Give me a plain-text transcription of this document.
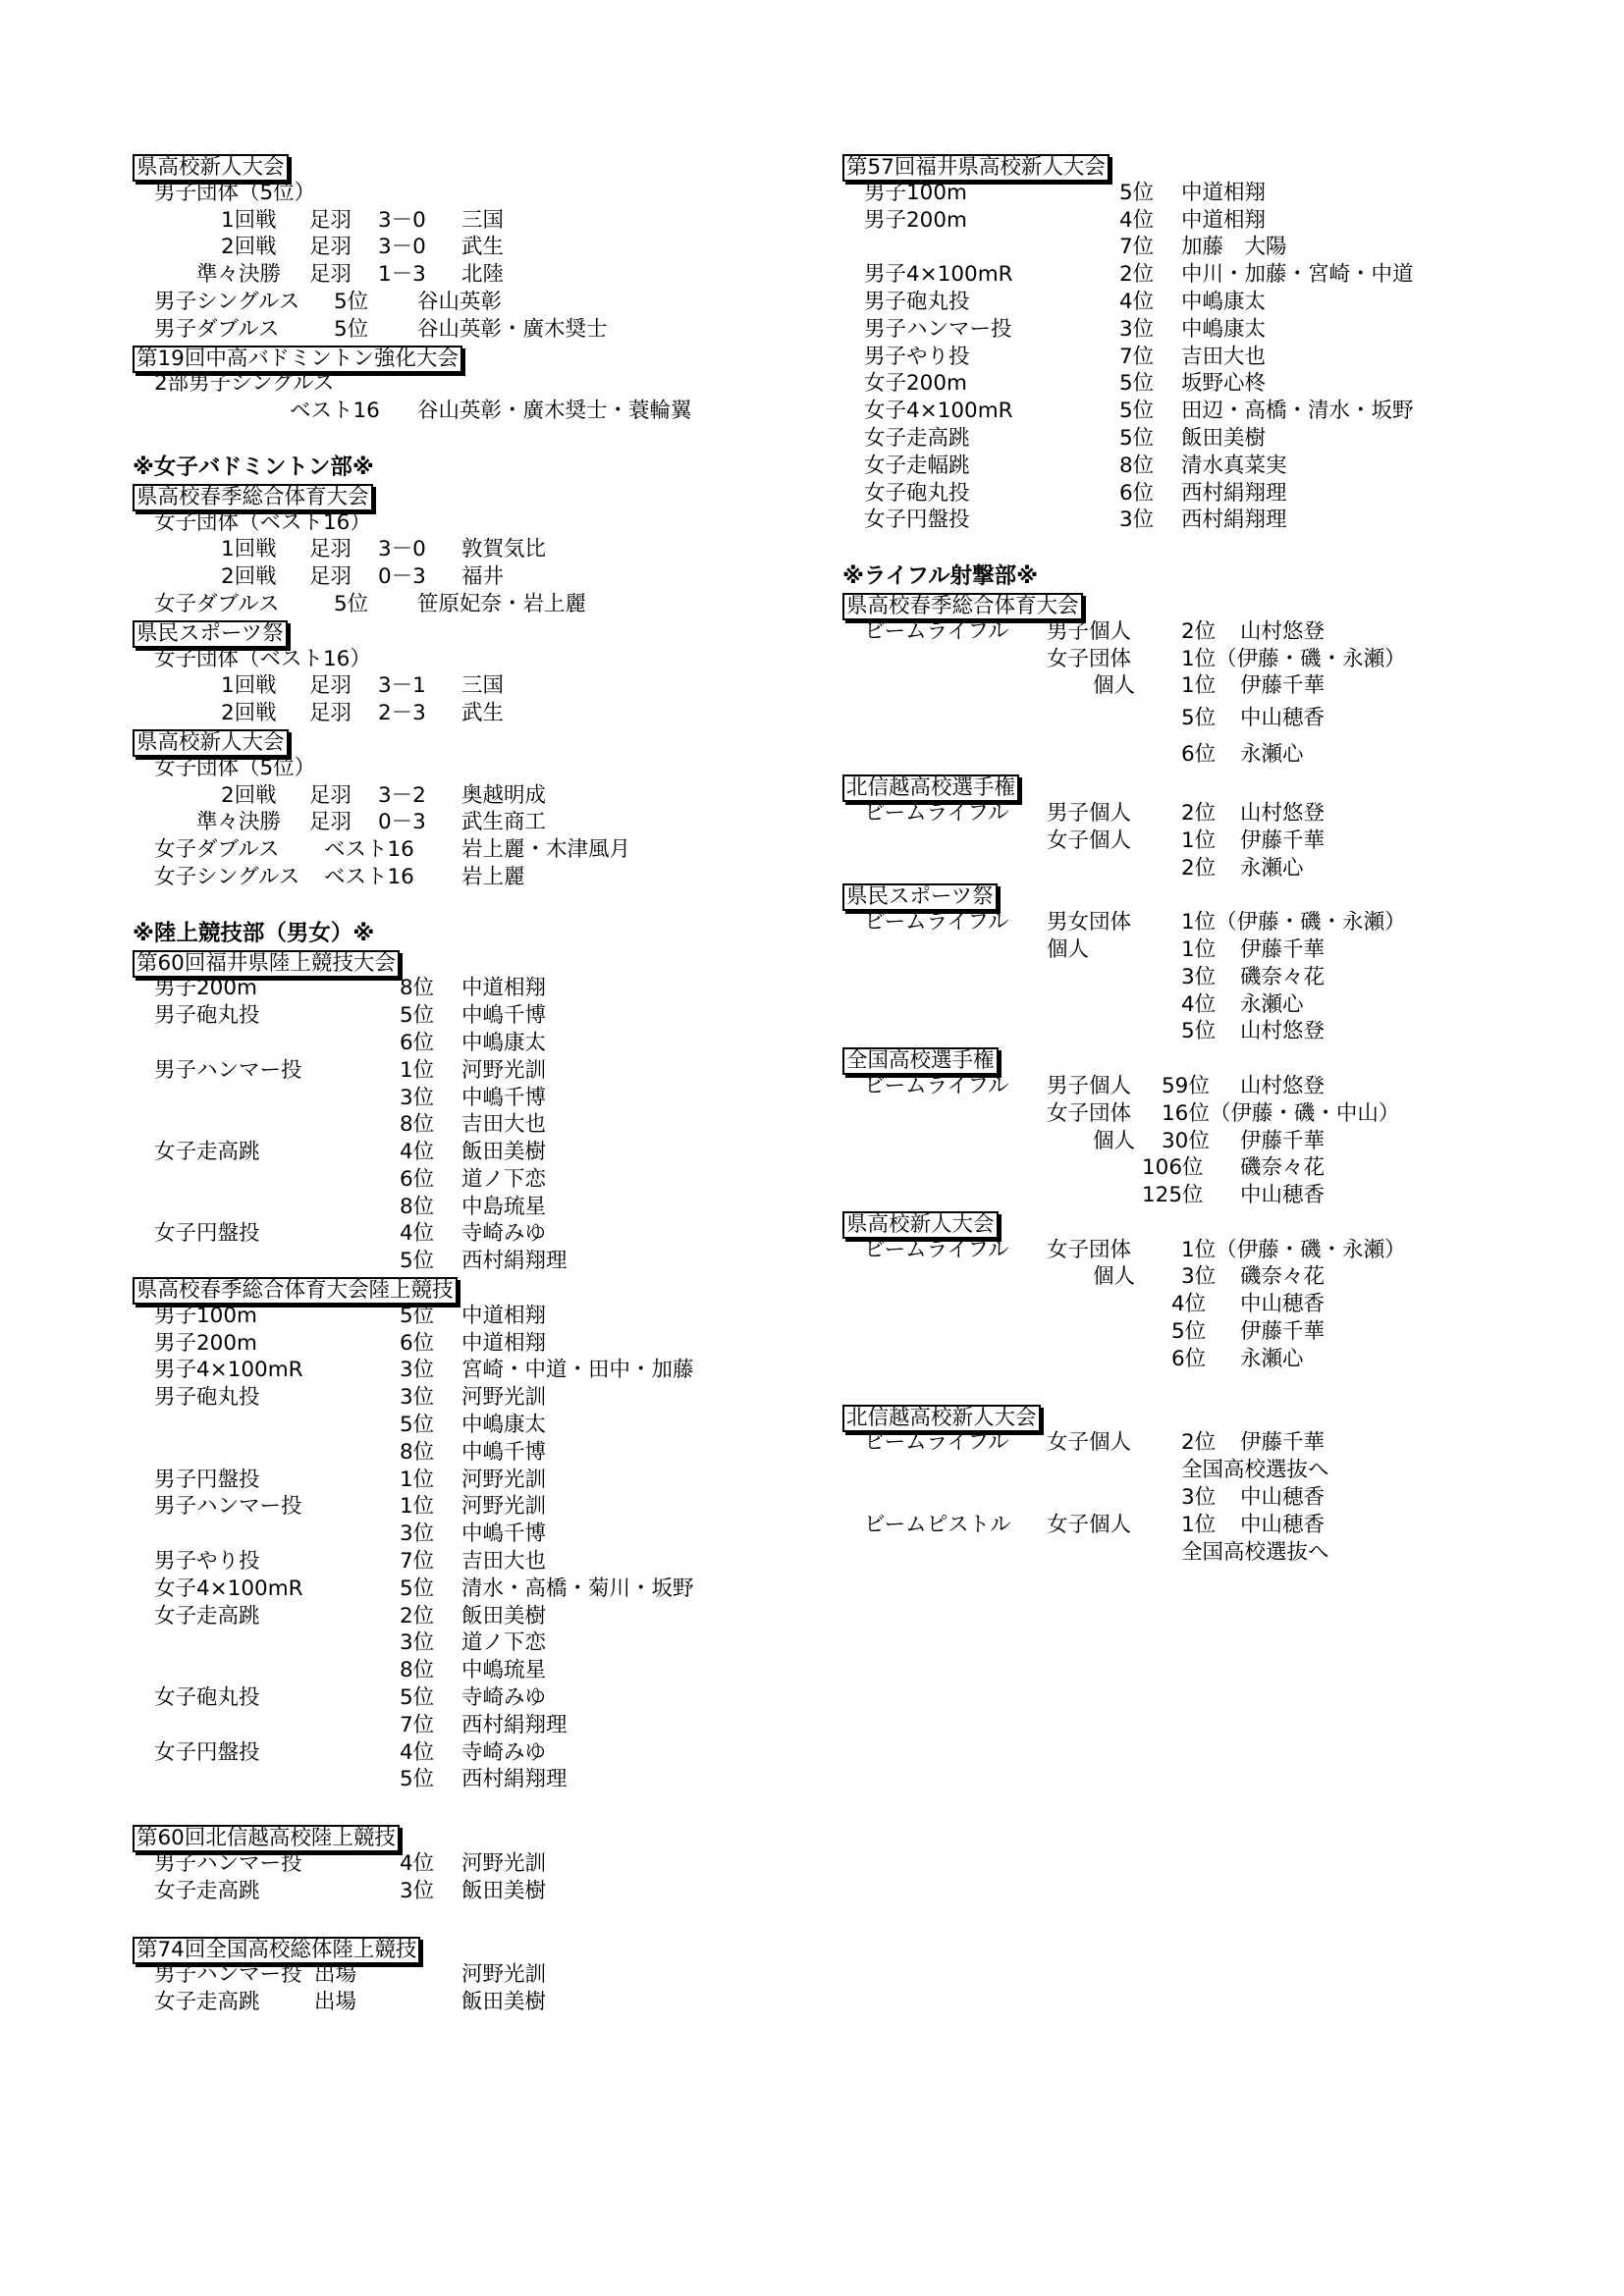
県高校新人大会
男子団体（5位）
1回戦 足羽 3－0 三国
2回戦 足羽 3－0 武生
準々決勝 足羽 1－3 北陸
男子シングルス 5位 谷山英彰
男子ダブルス	5位 谷山英彰・廣木奨士
第19回中高バドミントン強化大会
2部男子シングルス
ベスト16 谷山英彰・廣木奨士・蓑輪翼
※女子バドミントン部※
県高校春季総合体育大会
女子団体（ベスト16）
1回戦 足羽 3－0 敦賀気比
2回戦 足羽 0－3 福井
女子ダブルス	5位 笹原妃奈・岩上麗
県民スポーツ祭
女子団体（ベスト16）
1回戦 足羽 3－1 三国
2回戦 足羽 2－3 武生
県高校新人大会
女子団体（5位）
2回戦 足羽 3－2 奥越明成
準々決勝 足羽 0－3 武生商工
女子ダブルス ベスト16 岩上麗・木津風月
女子シングルス ベスト16 岩上麗
※陸上競技部（男女）※
第60回福井県陸上競技大会
男子200m	8位 中道相翔
男子砲丸投	5位 中嶋千博
6位 中嶋康太
男子ハンマー投	1位 河野光訓
3位 中嶋千博
8位 吉田大也
女子走高跳	4位 飯田美樹
6位 道ノ下恋
8位 中島琉星
女子円盤投	4位 寺崎みゆ
5位 西村絹翔理
県高校春季総合体育大会陸上競技
男子100m	5位 中道相翔
男子200m	6位 中道相翔
男子4×100mR	3位 宮崎・中道・田中・加藤
男子砲丸投	3位 河野光訓
5位 中嶋康太
8位 中嶋千博
男子円盤投	1位 河野光訓
男子ハンマー投	1位 河野光訓
3位 中嶋千博
男子やり投	7位 吉田大也
女子4×100mR	5位 清水・高橋・菊川・坂野
女子走高跳	2位 飯田美樹
3位 道ノ下恋
8位 中嶋琉星
女子砲丸投	5位 寺崎みゆ
7位 西村絹翔理
女子円盤投	4位 寺崎みゆ
5位 西村絹翔理
第60回北信越高校陸上競技
男子ハンマー投	4位 河野光訓
女子走高跳	3位 飯田美樹
第74回全国高校総体陸上競技
男子ハンマー投 出場	河野光訓
女子走高跳	出場	飯田美樹
第57回福井県高校新人大会
男子100m	5位 中道相翔
男子200m	4位 中道相翔
7位 加藤　大陽
男子4×100mR	2位 中川・加藤・宮崎・中道
男子砲丸投	4位 中嶋康太
男子ハンマー投	3位 中嶋康太
男子やり投	7位 吉田大也
女子200m	5位 坂野心柊
女子4×100mR	5位 田辺・高橋・清水・坂野
女子走高跳	5位 飯田美樹
女子走幅跳	8位 清水真菜実
女子砲丸投	6位 西村絹翔理
女子円盤投	3位 西村絹翔理
※ライフル射撃部※
県高校春季総合体育大会
ビームライフル 男子個人 2位 山村悠登
女子団体 1位（伊藤・磯・永瀬）
個人 1位 伊藤千華
5位 中山穂香
6位 永瀬心
北信越高校選手権
ビームライフル 男子個人 2位 山村悠登
女子個人 1位 伊藤千華
2位 永瀬心
県民スポーツ祭
ビームライフル 男女団体 1位（伊藤・磯・永瀬）
個人	1位 伊藤千華
3位 磯奈々花
4位 永瀬心
5位 山村悠登
全国高校選手権
ビームライフル 男子個人 59位 山村悠登
女子団体 16位（伊藤・磯・中山）
個人 30位 伊藤千華
106位 磯奈々花
125位 中山穂香
県高校新人大会
ビームライフル 女子団体 1位（伊藤・磯・永瀬）
個人 3位 磯奈々花
4位 中山穂香
5位 伊藤千華
6位 永瀬心
北信越高校新人大会
ビームライフル 女子個人 2位 伊藤千華
全国高校選抜へ
3位 中山穂香
ビームピストル 女子個人 1位 中山穂香
全国高校選抜へ
